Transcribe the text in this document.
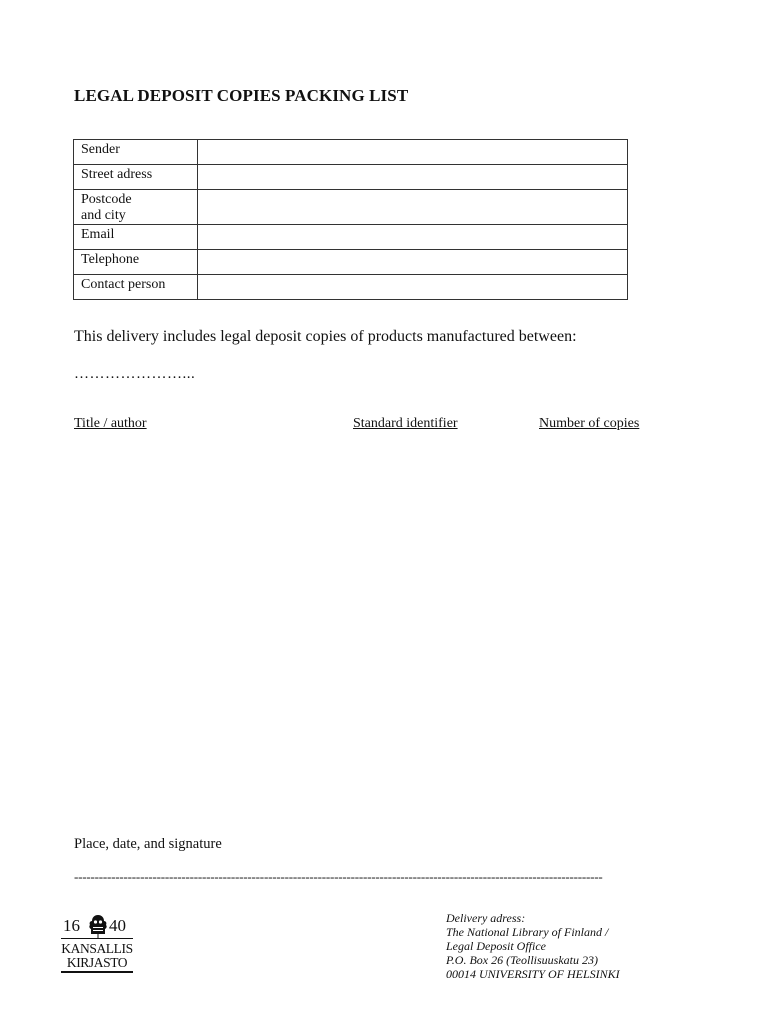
LEGAL DEPOSIT COPIES PACKING LIST
Sender	
Street adress	
Postcode
and city	
Email	
Telephone	
Contact person	
This delivery includes legal deposit copies of products manufactured between:
…………………...
Title / author	Standard identifier	Number of copies
Place, date, and signature
--------------------------------------------------------------------------------------------------------------------------------
16 40
KANSALLIS
KIRJASTO
Delivery adress:
The National Library of Finland /
Legal Deposit Office
P.O. Box 26 (Teollisuuskatu 23)
00014 UNIVERSITY OF HELSINKI
